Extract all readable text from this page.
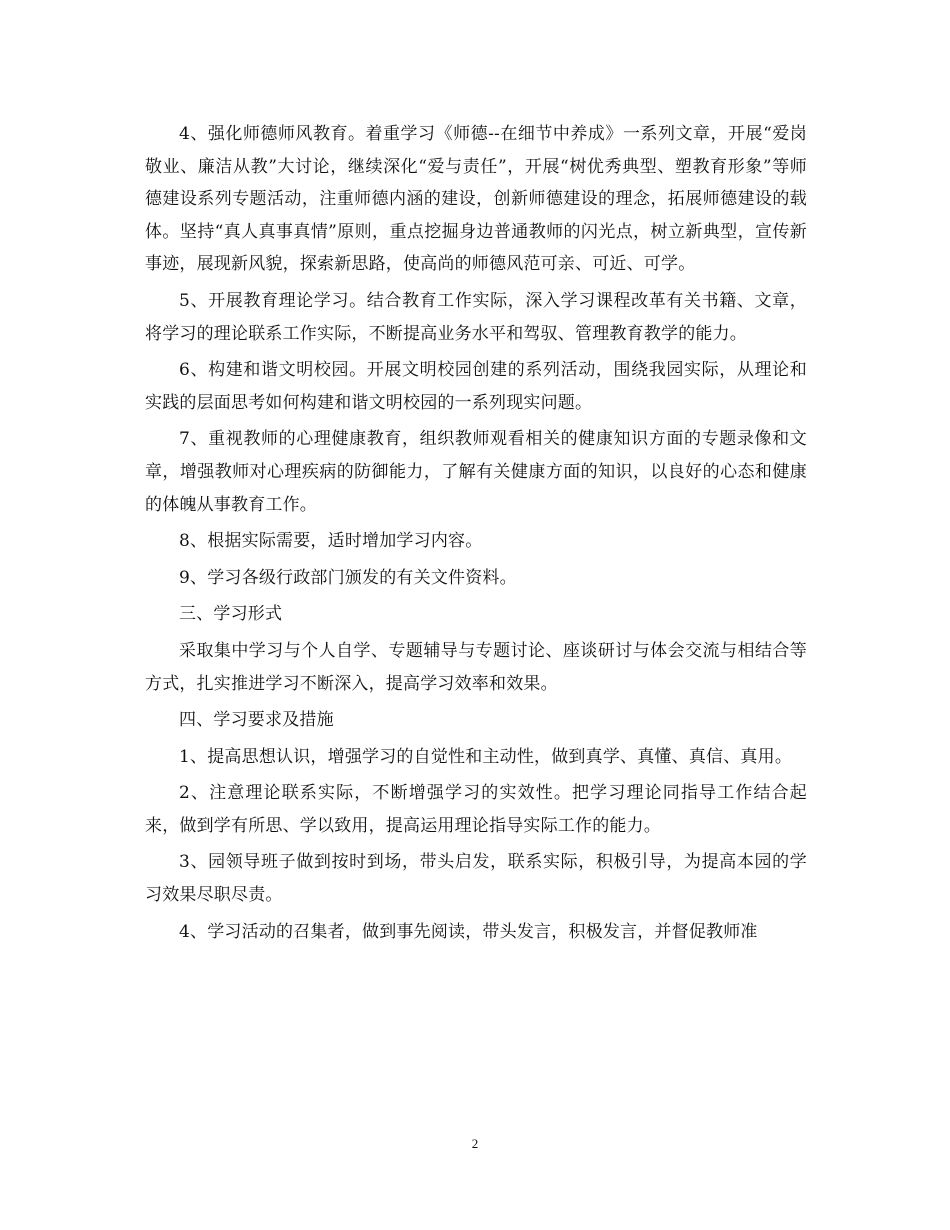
4、强化师德师风教育。着重学习《师德--在细节中养成》一系列文章，开展“爱岗敬业、廉洁从教”大讨论，继续深化“爱与责任”，开展“树优秀典型、塑教育形象”等师德建设系列专题活动，注重师德内涵的建设，创新师德建设的理念，拓展师德建设的载体。坚持“真人真事真情”原则，重点挖掘身边普通教师的闪光点，树立新典型，宣传新事迹，展现新风貌，探索新思路，使高尚的师德风范可亲、可近、可学。

5、开展教育理论学习。结合教育工作实际，深入学习课程改革有关书籍、文章，将学习的理论联系工作实际，不断提高业务水平和驾驭、管理教育教学的能力。

6、构建和谐文明校园。开展文明校园创建的系列活动，围绕我园实际，从理论和实践的层面思考如何构建和谐文明校园的一系列现实问题。

7、重视教师的心理健康教育，组织教师观看相关的健康知识方面的专题录像和文章，增强教师对心理疾病的防御能力，了解有关健康方面的知识，以良好的心态和健康的体魄从事教育工作。

8、根据实际需要，适时增加学习内容。

9、学习各级行政部门颁发的有关文件资料。

三、学习形式

采取集中学习与个人自学、专题辅导与专题讨论、座谈研讨与体会交流与相结合等方式，扎实推进学习不断深入，提高学习效率和效果。

四、学习要求及措施

1、提高思想认识，增强学习的自觉性和主动性，做到真学、真懂、真信、真用。

2、注意理论联系实际，不断增强学习的实效性。把学习理论同指导工作结合起来，做到学有所思、学以致用，提高运用理论指导实际工作的能力。

3、园领导班子做到按时到场，带头启发，联系实际，积极引导，为提高本园的学习效果尽职尽责。

4、学习活动的召集者，做到事先阅读，带头发言，积极发言，并督促教师准

2
